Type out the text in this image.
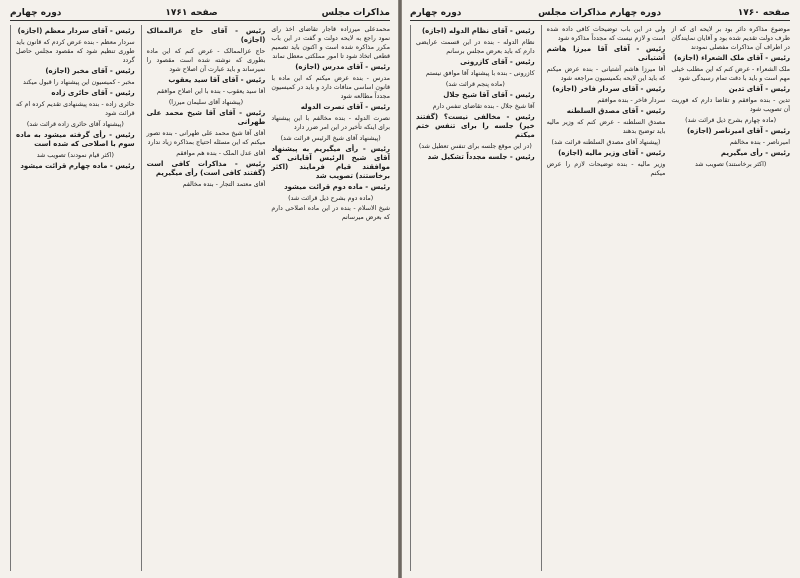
مذاکرات مجلس
صفحه ۱۷۶۱
دوره چهارم

محمدعلی میرزاده قاجار تقاضای اخذ رای نمود راجع به لایحه دولت و گفت در این باب مکرر مذاکره شده است و اکنون باید تصمیم قطعی اتخاذ شود تا امور مملکتی معطل نماند

رئیس - آقای مدرس (اجازه)

مدرس - بنده عرض میکنم که این ماده با قانون اساسی منافات دارد و باید در کمیسیون مجدداً مطالعه شود

رئیس - آقای نصرت الدوله

نصرت الدوله - بنده مخالفم با این پیشنهاد برای اینکه تأخیر در این امر ضرر دارد

(پیشنهاد آقای شیخ الرئیس قرائت شد)

رئیس - رأی میگیریم به پیشنهاد آقای شیخ الرئیس آقایانی که موافقند قیام فرمایند (اکثر برخاستند) تصویب شد

رئیس - ماده دوم قرائت میشود

(ماده دوم بشرح ذیل قرائت شد)

شیخ الاسلام - بنده در این ماده اصلاحی دارم که بعرض میرسانم

رئیس - آقای حاج عزالممالک (اجازه)

حاج عزالممالک - عرض کنم که این ماده بطوری که نوشته شده است مقصود را نمیرساند و باید عبارت آن اصلاح شود

رئیس - آقای آقا سید یعقوب

آقا سید یعقوب - بنده با این اصلاح موافقم

(پیشنهاد آقای سلیمان میرزا)

رئیس - آقای آقا شیخ محمد علی طهرانی

آقای آقا شیخ محمد علی طهرانی - بنده تصور میکنم که این مسئله احتیاج بمذاکره زیاد ندارد

آقای عدل الملک - بنده هم موافقم

رئیس - مذاکرات کافی است (گفتند کافی است) رأی میگیریم

آقای معتمد التجار - بنده مخالفم

رئیس - آقای سردار معظم (اجازه)

سردار معظم - بنده عرض کردم که قانون باید طوری تنظیم شود که مقصود مجلس حاصل گردد

رئیس - آقای مخبر (اجازه)

مخبر - کمیسیون این پیشنهاد را قبول میکند

رئیس - آقای حائری زاده

حائری زاده - بنده پیشنهادی تقدیم کرده ام که قرائت شود

(پیشنهاد آقای حائری زاده قرائت شد)

رئیس - رأی گرفته میشود به ماده سوم با اصلاحی که شده است

(اکثر قیام نمودند) تصویب شد

رئیس - ماده چهارم قرائت میشود

صفحه ۱۷۶۰
دوره چهارم مذاکرات مجلس
دوره چهارم

موضوع مذاکره دائر بود بر لایحه ای که از طرف دولت تقدیم شده بود و آقایان نمایندگان در اطراف آن مذاکرات مفصلی نمودند

رئیس - آقای ملک الشعراء (اجازه)

ملک الشعراء - عرض کنم که این مطلب خیلی مهم است و باید با دقت تمام رسیدگی شود

رئیس - آقای تدین

تدین - بنده موافقم و تقاضا دارم که فوریت آن تصویب شود

(ماده چهارم بشرح ذیل قرائت شد)

رئیس - آقای امیرناصر (اجازه)

امیرناصر - بنده مخالفم

رئیس - رأی میگیریم

(اکثر برخاستند) تصویب شد

ولی در این باب توضیحات کافی داده شده است و لازم نیست که مجدداً مذاکره شود

رئیس - آقای آقا میرزا هاشم آشتیانی

آقا میرزا هاشم آشتیانی - بنده عرض میکنم که باید این لایحه بکمیسیون مراجعه شود

رئیس - آقای سردار فاخر (اجازه)

سردار فاخر - بنده موافقم

رئیس - آقای مصدق السلطنه

مصدق السلطنه - عرض کنم که وزیر مالیه باید توضیح بدهند

(پیشنهاد آقای مصدق السلطنه قرائت شد)

رئیس - آقای وزیر مالیه (اجازه)

وزیر مالیه - بنده توضیحات لازم را عرض میکنم

رئیس - آقای نظام الدوله (اجازه)

نظام الدوله - بنده در این قسمت عرایضی دارم که باید بعرض مجلس برسانم

رئیس - آقای کازرونی

کازرونی - بنده با پیشنهاد آقا موافق نیستم

(ماده پنجم قرائت شد)

رئیس - آقای آقا شیخ جلال

آقا شیخ جلال - بنده تقاضای تنفس دارم

رئیس - مخالفی نیست؟ (گفتند خیر) جلسه را برای تنفس ختم میکنم

(در این موقع جلسه برای تنفس تعطیل شد)

رئیس - جلسه مجدداً تشکیل شد
